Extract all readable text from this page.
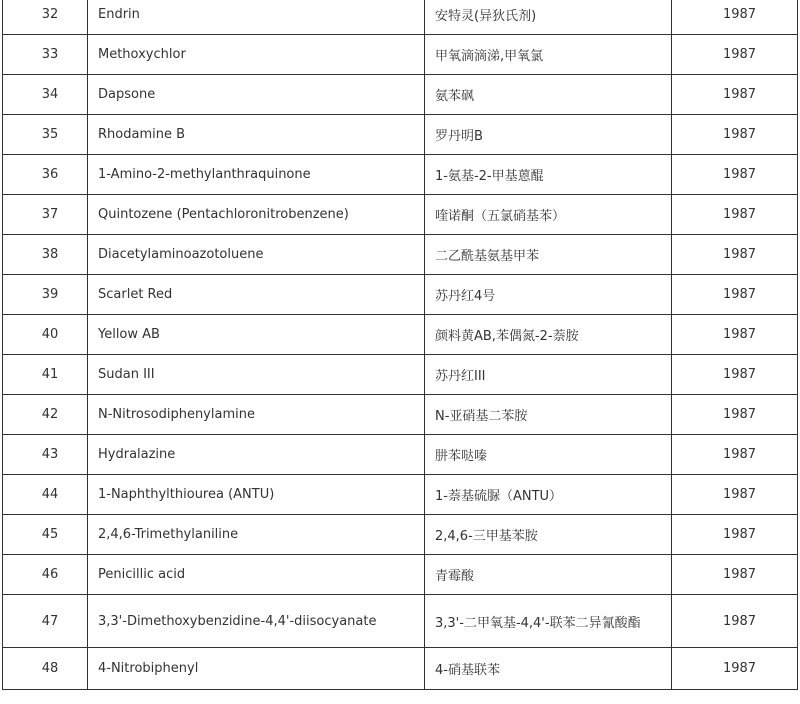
32	Endrin	安特灵(异狄氏剂)	1987
33	Methoxychlor	甲氧滴滴涕,甲氧氯	1987
34	Dapsone	氨苯砜	1987
35	Rhodamine B	罗丹明B	1987
36	1-Amino-2-methylanthraquinone	1-氨基-2-甲基蒽醌	1987
37	Quintozene (Pentachloronitrobenzene)	喹诺酮（五氯硝基苯）	1987
38	Diacetylaminoazotoluene	二乙酰基氨基甲苯	1987
39	Scarlet Red	苏丹红4号	1987
40	Yellow AB	颜料黄AB,苯偶氮-2-萘胺	1987
41	Sudan III	苏丹红III	1987
42	N-Nitrosodiphenylamine	N-亚硝基二苯胺	1987
43	Hydralazine	肼苯哒嗪	1987
44	1-Naphthylthiourea (ANTU)	1-萘基硫脲（ANTU）	1987
45	2,4,6-Trimethylaniline	2,4,6-三甲基苯胺	1987
46	Penicillic acid	青霉酸	1987
47	3,3'-Dimethoxybenzidine-4,4'-diisocyanate	3,3'-二甲氧基-4,4'-联苯二异氰酸酯	1987
48	4-Nitrobiphenyl	4-硝基联苯	1987
